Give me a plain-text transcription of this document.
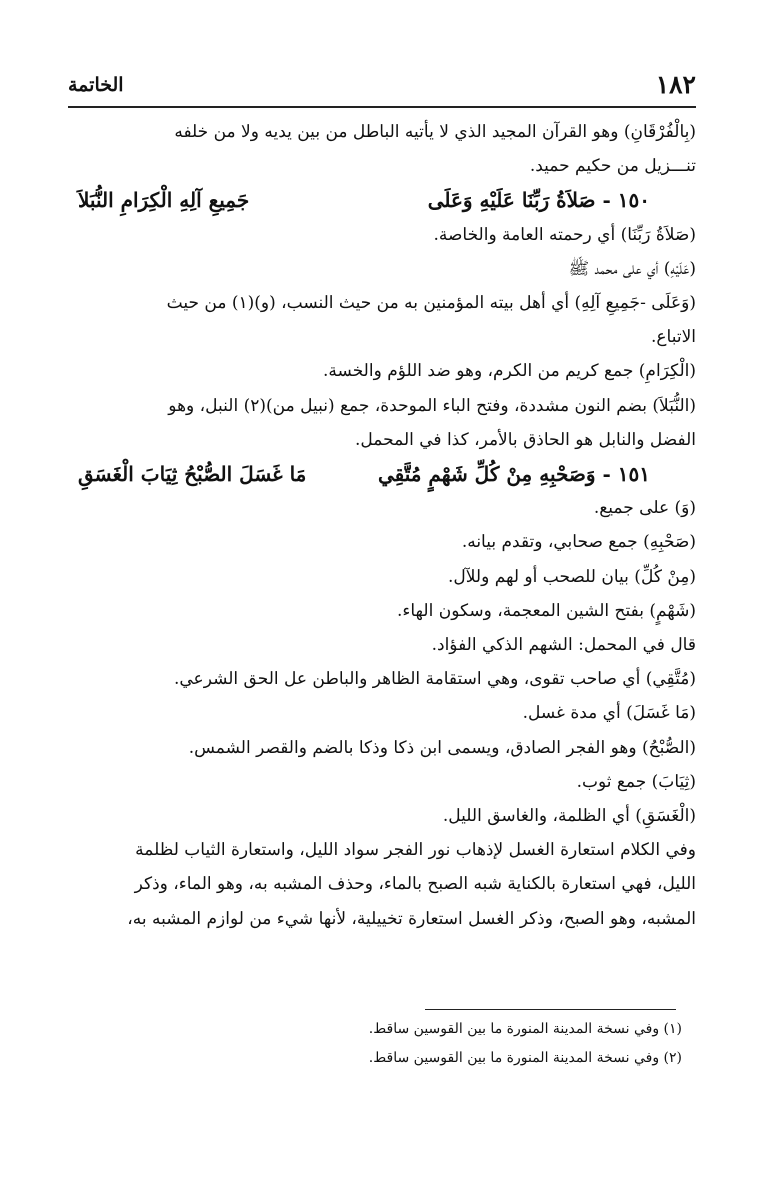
١٨٢
الخاتمة

(بِالْفُرْقَانِ) وهو القرآن المجيد الذي لا يأتيه الباطل من بين يديه ولا من خلفه

تنـــزيل من حكيم حميد.

١٥٠ - صَلاَةُ رَبِّنَا عَلَيْهِ وَعَلَى
جَمِيعِ آلِهِ الْكِرَامِ النُّبَلاَ

(صَلاَةُ رَبِّنَا) أي رحمته العامة والخاصة.

(عَلَيْهِ) أي على محمد ﷺ

(وَعَلَى -جَمِيعِ آلِهِ) أي أهل بيته المؤمنين به من حيث النسب، (و)(١) من حيث

الاتباع.

(الْكِرَامِ) جمع كريم من الكرم، وهو ضد اللؤم والخسة.

(النُّبَلاَ) بضم النون مشددة، وفتح الباء الموحدة، جمع (نبيل من)(٢) النبل، وهو

الفضل والنابل هو الحاذق بالأمر، كذا في المحمل.

١٥١ - وَصَحْبِهِ مِنْ كُلِّ شَهْمٍ مُتَّقِي
مَا غَسَلَ الصُّبْحُ ثِيَابَ الْغَسَقِ

(وَ) على جميع.

(صَحْبِهِ) جمع صحابي، وتقدم بيانه.

(مِنْ كُلِّ) بيان للصحب أو لهم وللآل.

(شَهْمٍ) بفتح الشين المعجمة، وسكون الهاء.

قال في المحمل: الشهم الذكي الفؤاد.

(مُتَّقِي) أي صاحب تقوى، وهي استقامة الظاهر والباطن عل الحق الشرعي.

(مَا غَسَلَ) أي مدة غسل.

(الصُّبْحُ) وهو الفجر الصادق، ويسمى ابن ذكا وذكا بالضم والقصر الشمس.

(ثِيَابَ) جمع ثوب.

(الْغَسَقِ) أي الظلمة، والغاسق الليل.

وفي الكلام استعارة الغسل لإذهاب نور الفجر سواد الليل، واستعارة الثياب لظلمة

الليل، فهي استعارة بالكناية شبه الصبح بالماء، وحذف المشبه به، وهو الماء، وذكر

المشبه، وهو الصبح، وذكر الغسل استعارة تخييلية، لأنها شيء من لوازم المشبه به،

(١) وفي نسخة المدينة المنورة ما بين القوسين ساقط.

(٢) وفي نسخة المدينة المنورة ما بين القوسين ساقط.
